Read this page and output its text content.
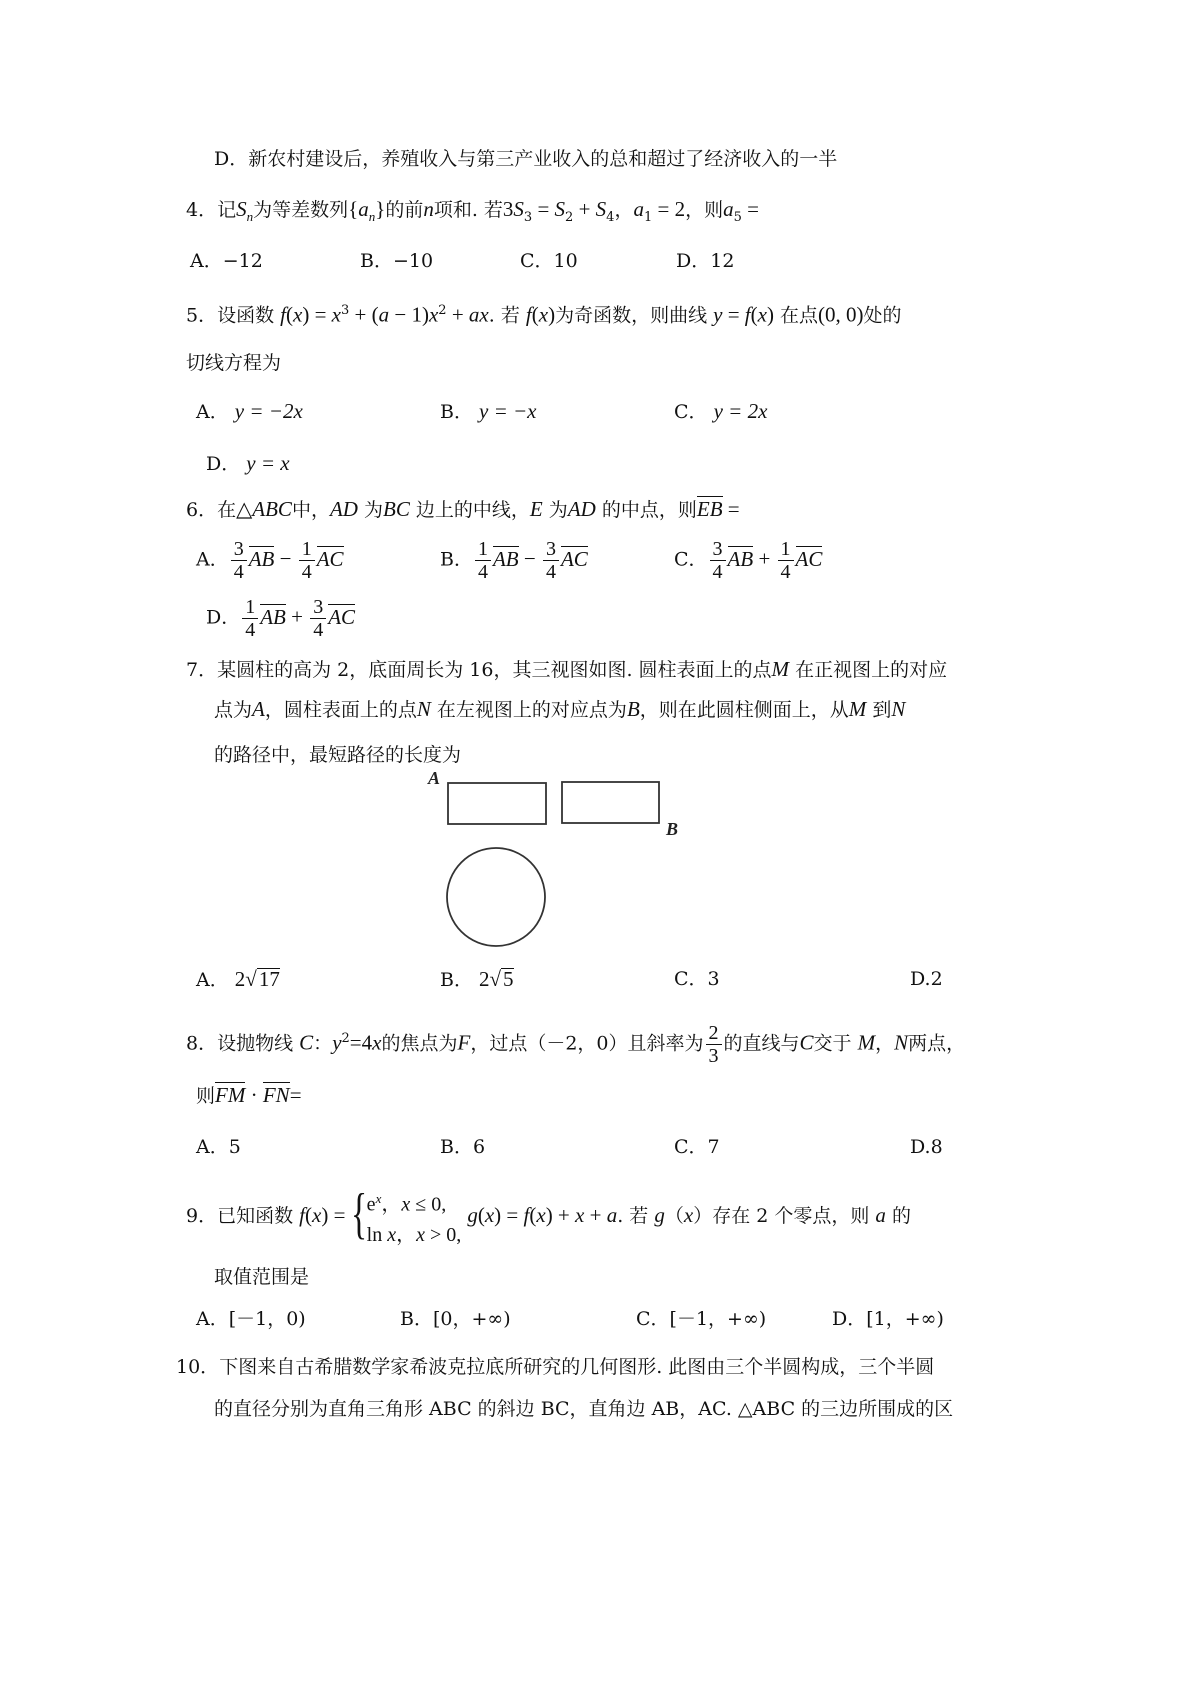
D．新农村建设后，养殖收入与第三产业收入的总和超过了经济收入的一半
4．记$S_n$为等差数列$\{a_n\}$的前n项和. 若$3S_3 = S_2 + S_4$，$a_1 = 2$，则$a_5$ =
A．−12	B．−10	C．10	D．12
5．设函数 $f(x) = x^3 + (a - 1)x^2$ + ax. 若 f(x)为奇函数，则曲线 y = f(x) 在点(0, 0)处的
切线方程为
A． y = −2x	B． y = −x	C． y = 2x
D． y = x
6．在△ABC中，AD 为BC 边上的中线，E 为AD 的中点，则EB =
A． $\frac{3}{4}$ AB − $\frac{1}{4}$ AC	B． $\frac{1}{4}$ AB − $\frac{3}{4}$ AC	C． $\frac{3}{4}$ AB + $\frac{1}{4}$ AC
D． $\frac{1}{4}$ AB + $\frac{3}{4}$ AC
7．某圆柱的高为 2，底面周长为 16，其三视图如图. 圆柱表面上的点M 在正视图上的对应
点为A，圆柱表面上的点N 在左视图上的对应点为B，则在此圆柱侧面上，从M 到N
的路径中，最短路径的长度为
A
B
A． 2√17	B． 2√5	C．3	D.2
8．设抛物线 C：$y^2=4x$的焦点为F，过点（－2，0）且斜率为 $\frac{2}{3}$ 的直线与C交于 M，N两点，
则FM · FN=
A．5	B．6	C．7	D.8
9．已知函数 f(x) = { $e^x$，x ≤ 0,
ln x，x > 0,
g(x) = f(x) + x + a. 若 g（x）存在 2 个零点，则 a 的
取值范围是
A．[－1，0)	B．[0，+∞)	C．[－1，+∞)	D．[1，+∞)
10．下图来自古希腊数学家希波克拉底所研究的几何图形. 此图由三个半圆构成，三个半圆
的直径分别为直角三角形 ABC 的斜边 BC，直角边 AB，AC. △ABC 的三边所围成的区
